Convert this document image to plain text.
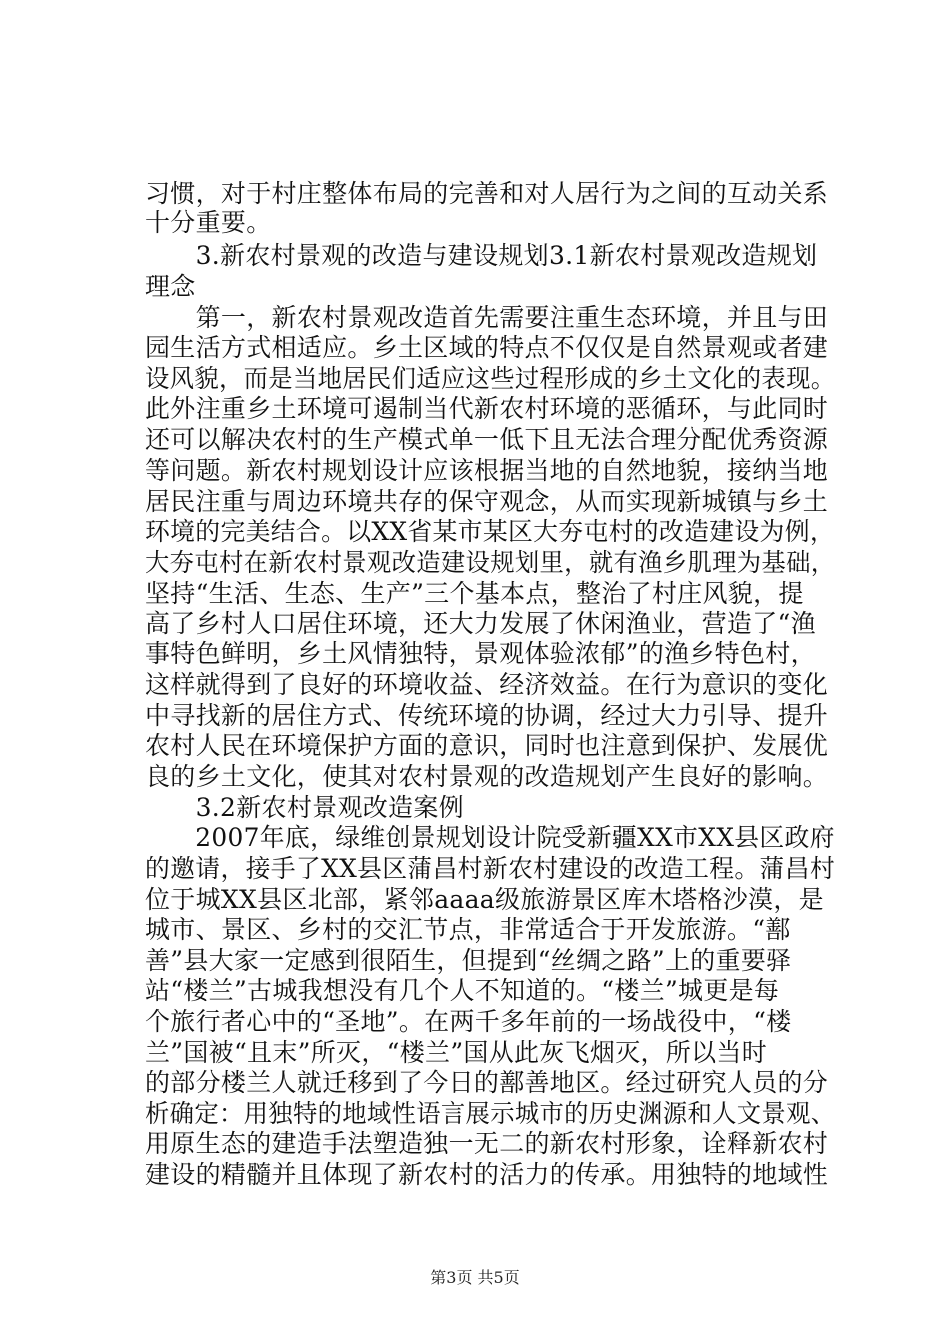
习惯，对于村庄整体布局的完善和对人居行为之间的互动关系
十分重要。
　　3.新农村景观的改造与建设规划3.1新农村景观改造规划
理念
　　第一，新农村景观改造首先需要注重生态环境，并且与田
园生活方式相适应。乡土区域的特点不仅仅是自然景观或者建
设风貌，而是当地居民们适应这些过程形成的乡土文化的表现。
此外注重乡土环境可遏制当代新农村环境的恶循环，与此同时
还可以解决农村的生产模式单一低下且无法合理分配优秀资源
等问题。新农村规划设计应该根据当地的自然地貌，接纳当地
居民注重与周边环境共存的保守观念，从而实现新城镇与乡土
环境的完美结合。以XX省某市某区大夯屯村的改造建设为例，
大夯屯村在新农村景观改造建设规划里，就有渔乡肌理为基础，
坚持“生活、生态、生产”三个基本点，整治了村庄风貌，提
高了乡村人口居住环境，还大力发展了休闲渔业，营造了“渔
事特色鲜明，乡土风情独特，景观体验浓郁”的渔乡特色村，
这样就得到了良好的环境收益、经济效益。在行为意识的变化
中寻找新的居住方式、传统环境的协调，经过大力引导、提升
农村人民在环境保护方面的意识，同时也注意到保护、发展优
良的乡土文化，使其对农村景观的改造规划产生良好的影响。
　　3.2新农村景观改造案例
　　2007年底，绿维创景规划设计院受新疆XX市XX县区政府
的邀请，接手了XX县区蒲昌村新农村建设的改造工程。蒲昌村
位于城XX县区北部，紧邻aaaa级旅游景区库木塔格沙漠，是
城市、景区、乡村的交汇节点，非常适合于开发旅游。“鄯
善”县大家一定感到很陌生，但提到“丝绸之路”上的重要驿
站“楼兰”古城我想没有几个人不知道的。“楼兰”城更是每
个旅行者心中的“圣地”。在两千多年前的一场战役中，“楼
兰”国被“且末”所灭，“楼兰”国从此灰飞烟灭，所以当时
的部分楼兰人就迁移到了今日的鄯善地区。经过研究人员的分
析确定：用独特的地域性语言展示城市的历史渊源和人文景观、
用原生态的建造手法塑造独一无二的新农村形象，诠释新农村
建设的精髓并且体现了新农村的活力的传承。用独特的地域性
第3页 共5页
